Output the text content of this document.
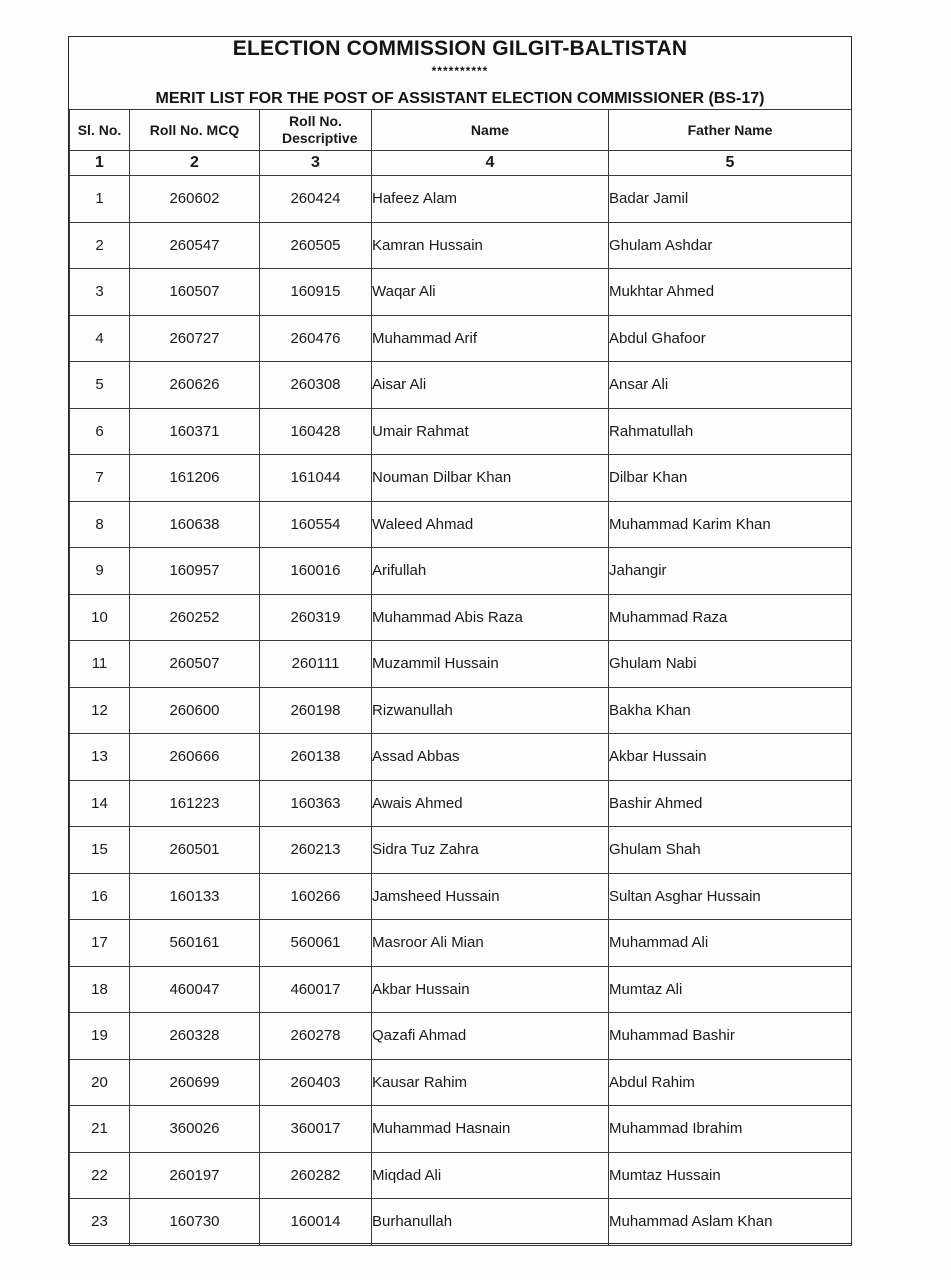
ELECTION COMMISSION GILGIT-BALTISTAN
**********
MERIT LIST FOR THE POST OF ASSISTANT ELECTION COMMISSIONER (BS-17)
Sl. No.	Roll No. MCQ	Roll No. Descriptive	Name	Father Name
1	2	3	4	5
1	260602	260424	Hafeez Alam	Badar Jamil
2	260547	260505	Kamran Hussain	Ghulam Ashdar
3	160507	160915	Waqar Ali	Mukhtar Ahmed
4	260727	260476	Muhammad Arif	Abdul Ghafoor
5	260626	260308	Aisar Ali	Ansar Ali
6	160371	160428	Umair Rahmat	Rahmatullah
7	161206	161044	Nouman Dilbar Khan	Dilbar Khan
8	160638	160554	Waleed Ahmad	Muhammad Karim Khan
9	160957	160016	Arifullah	Jahangir
10	260252	260319	Muhammad Abis Raza	Muhammad Raza
11	260507	260111	Muzammil Hussain	Ghulam Nabi
12	260600	260198	Rizwanullah	Bakha Khan
13	260666	260138	Assad Abbas	Akbar Hussain
14	161223	160363	Awais Ahmed	Bashir Ahmed
15	260501	260213	Sidra Tuz Zahra	Ghulam Shah
16	160133	160266	Jamsheed Hussain	Sultan Asghar Hussain
17	560161	560061	Masroor Ali Mian	Muhammad Ali
18	460047	460017	Akbar Hussain	Mumtaz Ali
19	260328	260278	Qazafi Ahmad	Muhammad Bashir
20	260699	260403	Kausar Rahim	Abdul Rahim
21	360026	360017	Muhammad Hasnain	Muhammad Ibrahim
22	260197	260282	Miqdad Ali	Mumtaz Hussain
23	160730	160014	Burhanullah	Muhammad Aslam Khan
